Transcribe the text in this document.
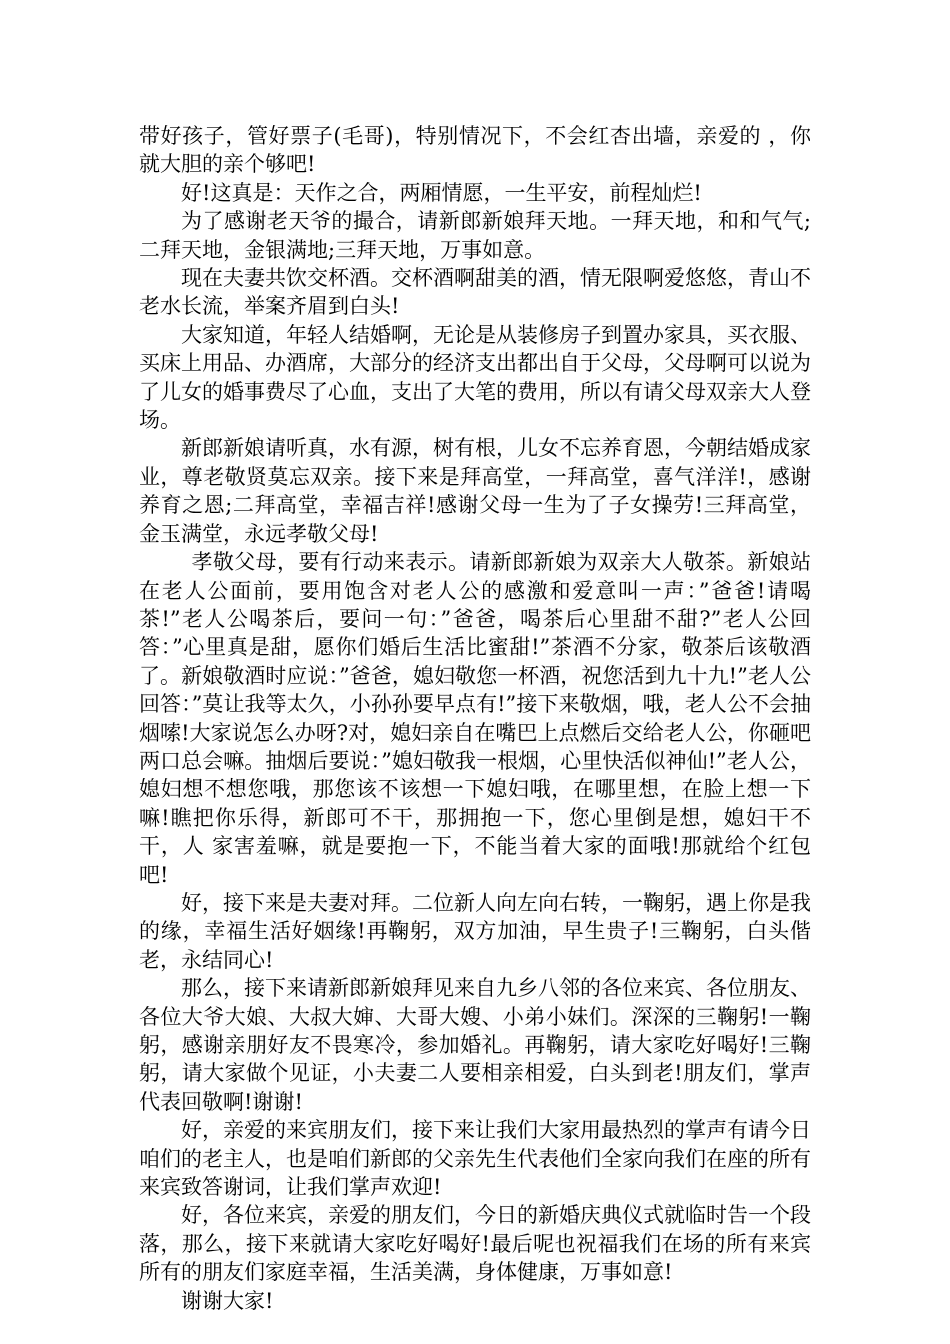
带好孩子，管好票子(毛哥)，特别情况下，不会红杏出墙，亲爱的 ，你就大胆的亲个够吧!

好!这真是：天作之合，两厢情愿，一生平安，前程灿烂!

为了感谢老天爷的撮合，请新郎新娘拜天地。一拜天地，和和气气;二拜天地，金银满地;三拜天地，万事如意。

现在夫妻共饮交杯酒。交杯酒啊甜美的酒，情无限啊爱悠悠，青山不老水长流，举案齐眉到白头!

大家知道，年轻人结婚啊，无论是从装修房子到置办家具，买衣服、买床上用品、办酒席，大部分的经济支出都出自于父母，父母啊可以说为了儿女的婚事费尽了心血，支出了大笔的费用，所以有请父母双亲大人登场。

新郎新娘请听真，水有源，树有根，儿女不忘养育恩，今朝结婚成家业，尊老敬贤莫忘双亲。接下来是拜高堂，一拜高堂，喜气洋洋!，感谢养育之恩;二拜高堂，幸福吉祥!感谢父母一生为了子女操劳!三拜高堂，金玉满堂，永远孝敬父母!

孝敬父母，要有行动来表示。请新郎新娘为双亲大人敬茶。新娘站在老人公面前，要用饱含对老人公的感激和爱意叫一声：”爸爸!请喝茶!”老人公喝茶后，要问一句：”爸爸，喝茶后心里甜不甜?”老人公回答：”心里真是甜，愿你们婚后生活比蜜甜!”茶酒不分家，敬茶后该敬酒了。新娘敬酒时应说：”爸爸，媳妇敬您一杯酒，祝您活到九十九!”老人公回答：”莫让我等太久，小孙孙要早点有!”接下来敬烟，哦，老人公不会抽烟嗦!大家说怎么办呀?对，媳妇亲自在嘴巴上点燃后交给老人公，你砸吧两口总会嘛。抽烟后要说：”媳妇敬我一根烟，心里快活似神仙!”老人公，媳妇想不想您哦，那您该不该想一下媳妇哦，在哪里想，在脸上想一下嘛!瞧把你乐得，新郎可不干，那拥抱一下，您心里倒是想，媳妇干不干，人 家害羞嘛，就是要抱一下，不能当着大家的面哦!那就给个红包吧!

好，接下来是夫妻对拜。二位新人向左向右转，一鞠躬，遇上你是我的缘，幸福生活好姻缘!再鞠躬，双方加油，早生贵子!三鞠躬，白头偕老，永结同心!

那么，接下来请新郎新娘拜见来自九乡八邻的各位来宾、各位朋友、各位大爷大娘、大叔大婶、大哥大嫂、小弟小妹们。深深的三鞠躬!一鞠躬，感谢亲朋好友不畏寒冷，参加婚礼。再鞠躬，请大家吃好喝好!三鞠躬，请大家做个见证，小夫妻二人要相亲相爱，白头到老!朋友们，掌声代表回敬啊!谢谢!

好，亲爱的来宾朋友们，接下来让我们大家用最热烈的掌声有请今日咱们的老主人，也是咱们新郎的父亲先生代表他们全家向我们在座的所有来宾致答谢词，让我们掌声欢迎!

好，各位来宾，亲爱的朋友们，今日的新婚庆典仪式就临时告一个段落，那么，接下来就请大家吃好喝好!最后呢也祝福我们在场的所有来宾所有的朋友们家庭幸福，生活美满，身体健康，万事如意!

谢谢大家!
